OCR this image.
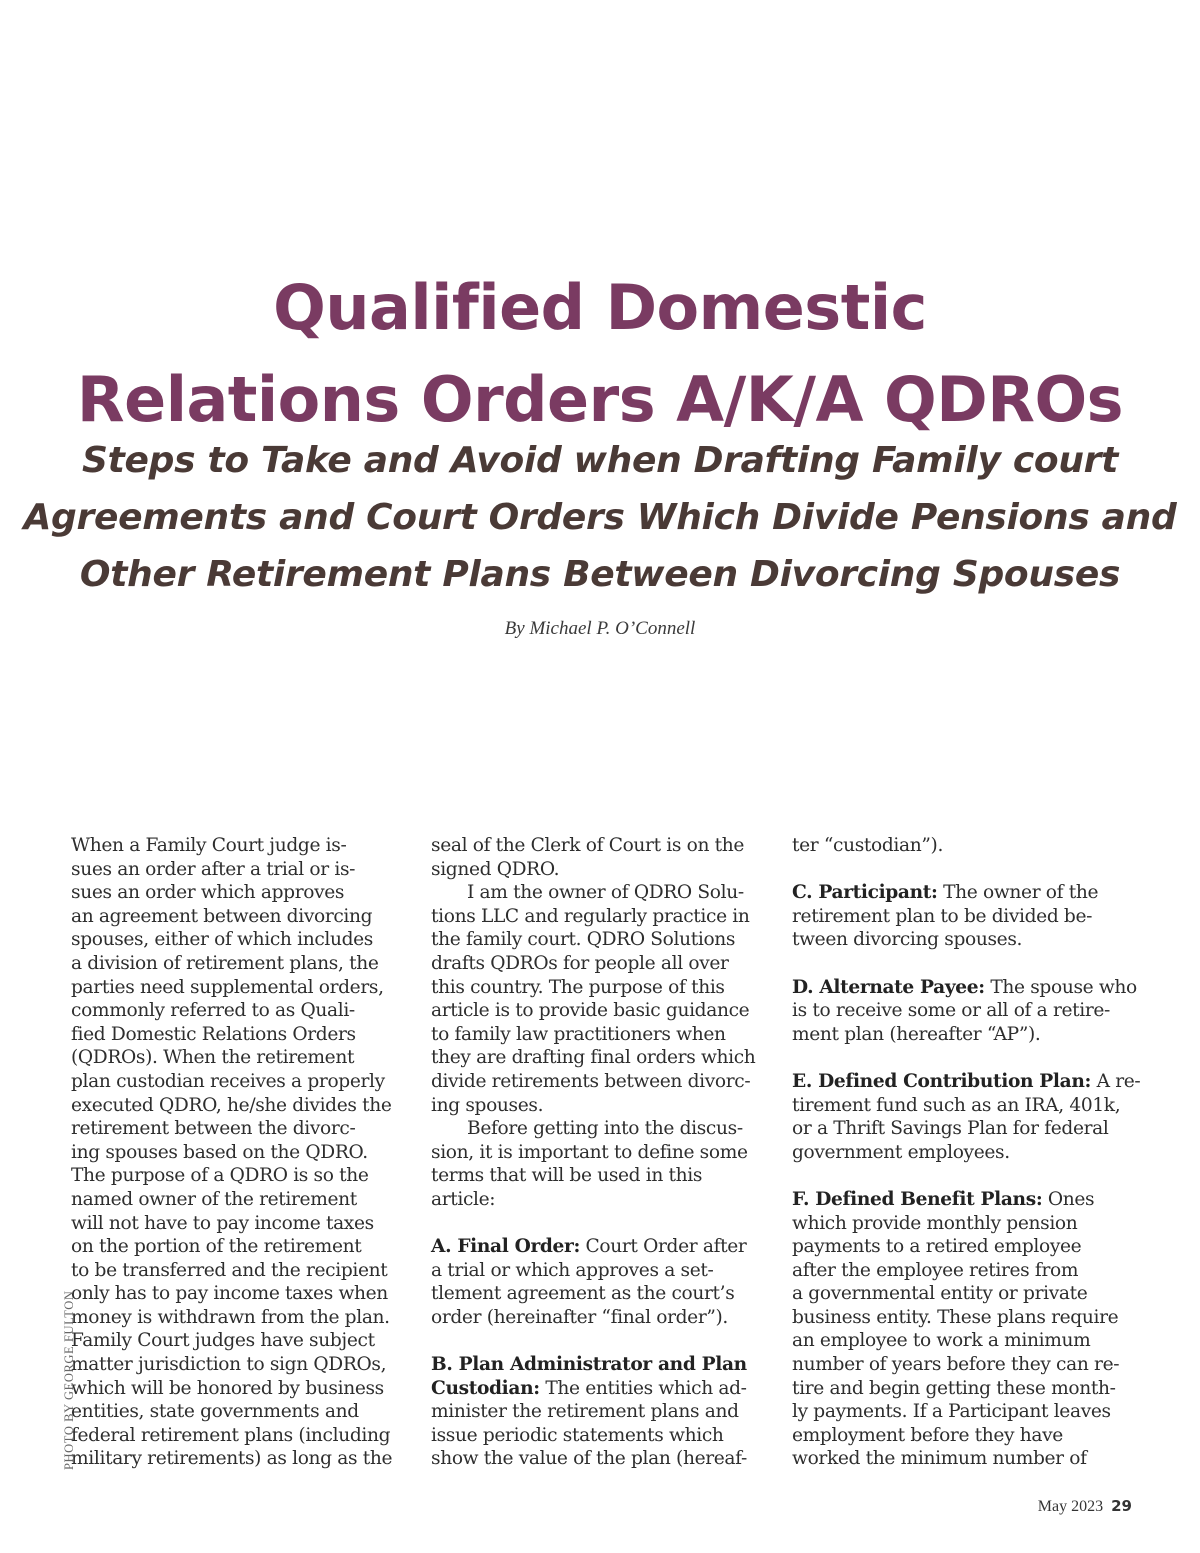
Qualified Domestic
Relations Orders A/K/A QDROs
Steps to Take and Avoid when Drafting Family court
Agreements and Court Orders Which Divide Pensions and
Other Retirement Plans Between Divorcing Spouses
By Michael P. O’Connell
When a Family Court judge is-
sues an order after a trial or is-
sues an order which approves
an agreement between divorcing
spouses, either of which includes
a division of retirement plans, the
parties need supplemental orders,
commonly referred to as Quali-
fied Domestic Relations Orders
(QDROs). When the retirement
plan custodian receives a properly
executed QDRO, he/she divides the
retirement between the divorc-
ing spouses based on the QDRO.
The purpose of a QDRO is so the
named owner of the retirement
will not have to pay income taxes
on the portion of the retirement
to be transferred and the recipient
only has to pay income taxes when
money is withdrawn from the plan.
Family Court judges have subject
matter jurisdiction to sign QDROs,
which will be honored by business
entities, state governments and
federal retirement plans (including
military retirements) as long as the
seal of the Clerk of Court is on the
signed QDRO.
I am the owner of QDRO Solu-
tions LLC and regularly practice in
the family court. QDRO Solutions
drafts QDROs for people all over
this country. The purpose of this
article is to provide basic guidance
to family law practitioners when
they are drafting final orders which
divide retirements between divorc-
ing spouses.
Before getting into the discus-
sion, it is important to define some
terms that will be used in this
article:
A. Final Order: Court Order after
a trial or which approves a set-
tlement agreement as the court’s
order (hereinafter “final order”).
B. Plan Administrator and Plan
Custodian: The entities which ad-
minister the retirement plans and
issue periodic statements which
show the value of the plan (hereaf-
ter “custodian”).
C. Participant: The owner of the
retirement plan to be divided be-
tween divorcing spouses.
D. Alternate Payee: The spouse who
is to receive some or all of a retire-
ment plan (hereafter “AP”).
E. Defined Contribution Plan: A re-
tirement fund such as an IRA, 401k,
or a Thrift Savings Plan for federal
government employees.
F. Defined Benefit Plans: Ones
which provide monthly pension
payments to a retired employee
after the employee retires from
a governmental entity or private
business entity. These plans require
an employee to work a minimum
number of years before they can re-
tire and begin getting these month-
ly payments. If a Participant leaves
employment before they have
worked the minimum number of
PHOTO BY GEORGE FULTON
May 2023 29
